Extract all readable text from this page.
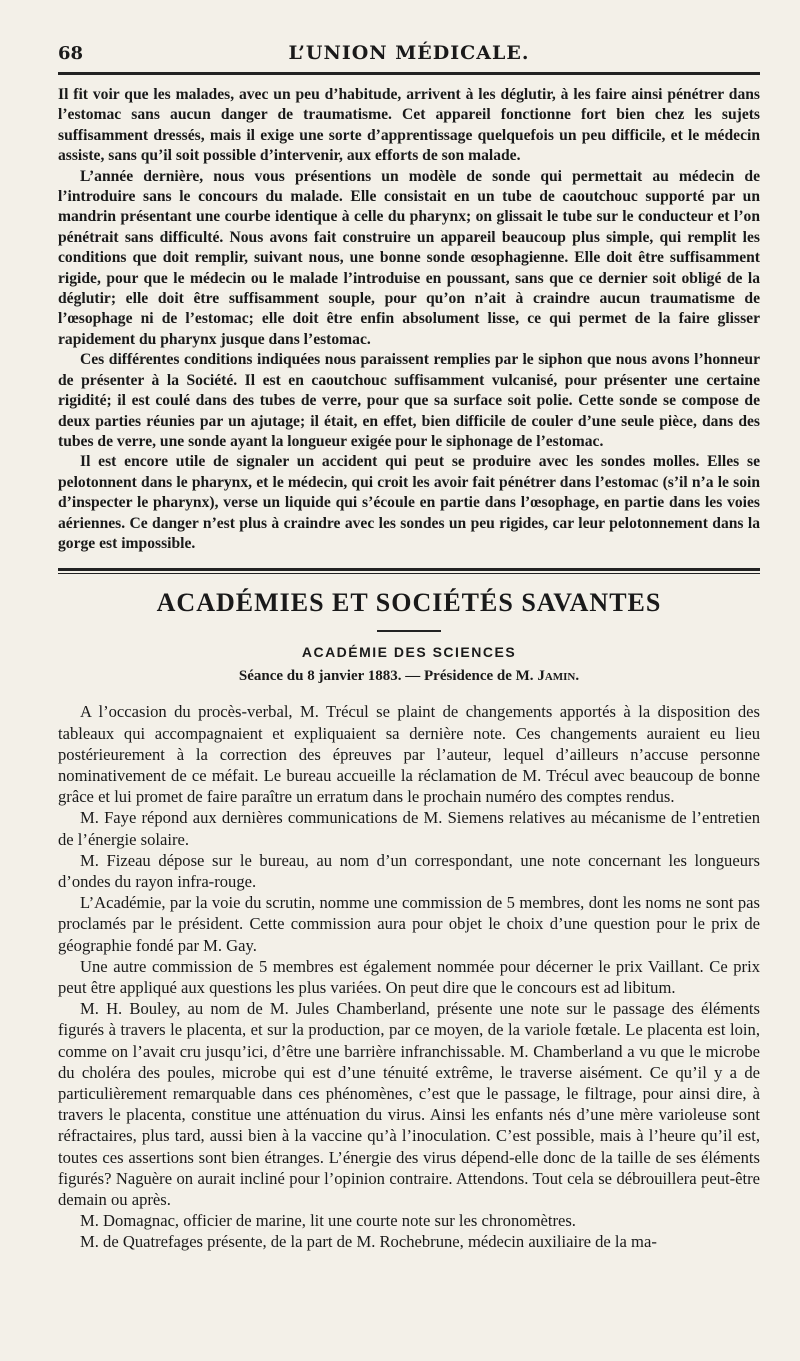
68	L’UNION MÉDICALE.

Il fit voir que les malades, avec un peu d’habitude, arrivent à les déglutir, à les faire ainsi pénétrer dans l’estomac sans aucun danger de traumatisme. Cet appareil fonctionne fort bien chez les sujets suffisamment dressés, mais il exige une sorte d’apprentissage quelquefois un peu difficile, et le médecin assiste, sans qu’il soit possible d’intervenir, aux efforts de son malade.

L’année dernière, nous vous présentions un modèle de sonde qui permettait au médecin de l’introduire sans le concours du malade. Elle consistait en un tube de caoutchouc supporté par un mandrin présentant une courbe identique à celle du pharynx; on glissait le tube sur le conducteur et l’on pénétrait sans difficulté. Nous avons fait construire un appareil beaucoup plus simple, qui remplit les conditions que doit remplir, suivant nous, une bonne sonde œsophagienne. Elle doit être suffisamment rigide, pour que le médecin ou le malade l’introduise en poussant, sans que ce dernier soit obligé de la déglutir; elle doit être suffisamment souple, pour qu’on n’ait à craindre aucun traumatisme de l’œsophage ni de l’estomac; elle doit être enfin absolument lisse, ce qui permet de la faire glisser rapidement du pharynx jusque dans l’estomac.

Ces différentes conditions indiquées nous paraissent remplies par le siphon que nous avons l’honneur de présenter à la Société. Il est en caoutchouc suffisamment vulcanisé, pour présenter une certaine rigidité; il est coulé dans des tubes de verre, pour que sa surface soit polie. Cette sonde se compose de deux parties réunies par un ajutage; il était, en effet, bien difficile de couler d’une seule pièce, dans des tubes de verre, une sonde ayant la longueur exigée pour le siphonage de l’estomac.

Il est encore utile de signaler un accident qui peut se produire avec les sondes molles. Elles se pelotonnent dans le pharynx, et le médecin, qui croit les avoir fait pénétrer dans l’estomac (s’il n’a le soin d’inspecter le pharynx), verse un liquide qui s’écoule en partie dans l’œsophage, en partie dans les voies aériennes. Ce danger n’est plus à craindre avec les sondes un peu rigides, car leur pelotonnement dans la gorge est impossible.

ACADÉMIES ET SOCIÉTÉS SAVANTES
ACADÉMIE DES SCIENCES

Séance du 8 janvier 1883. — Présidence de M. Jamin.

A l’occasion du procès-verbal, M. Trécul se plaint de changements apportés à la disposition des tableaux qui accompagnaient et expliquaient sa dernière note. Ces changements auraient eu lieu postérieurement à la correction des épreuves par l’auteur, lequel d’ailleurs n’accuse personne nominativement de ce méfait. Le bureau accueille la réclamation de M. Trécul avec beaucoup de bonne grâce et lui promet de faire paraître un erratum dans le prochain numéro des comptes rendus.

M. Faye répond aux dernières communications de M. Siemens relatives au mécanisme de l’entretien de l’énergie solaire.

M. Fizeau dépose sur le bureau, au nom d’un correspondant, une note concernant les longueurs d’ondes du rayon infra-rouge.

L’Académie, par la voie du scrutin, nomme une commission de 5 membres, dont les noms ne sont pas proclamés par le président. Cette commission aura pour objet le choix d’une question pour le prix de géographie fondé par M. Gay.

Une autre commission de 5 membres est également nommée pour décerner le prix Vaillant. Ce prix peut être appliqué aux questions les plus variées. On peut dire que le concours est ad libitum.

M. H. Bouley, au nom de M. Jules Chamberland, présente une note sur le passage des éléments figurés à travers le placenta, et sur la production, par ce moyen, de la variole fœtale. Le placenta est loin, comme on l’avait cru jusqu’ici, d’être une barrière infranchissable. M. Chamberland a vu que le microbe du choléra des poules, microbe qui est d’une ténuité extrême, le traverse aisément. Ce qu’il y a de particulièrement remarquable dans ces phénomènes, c’est que le passage, le filtrage, pour ainsi dire, à travers le placenta, constitue une atténuation du virus. Ainsi les enfants nés d’une mère varioleuse sont réfractaires, plus tard, aussi bien à la vaccine qu’à l’inoculation. C’est possible, mais à l’heure qu’il est, toutes ces assertions sont bien étranges. L’énergie des virus dépend-elle donc de la taille de ses éléments figurés? Naguère on aurait incliné pour l’opinion contraire. Attendons. Tout cela se débrouillera peut-être demain ou après.

M. Domagnac, officier de marine, lit une courte note sur les chronomètres.

M. de Quatrefages présente, de la part de M. Rochebrune, médecin auxiliaire de la ma-
